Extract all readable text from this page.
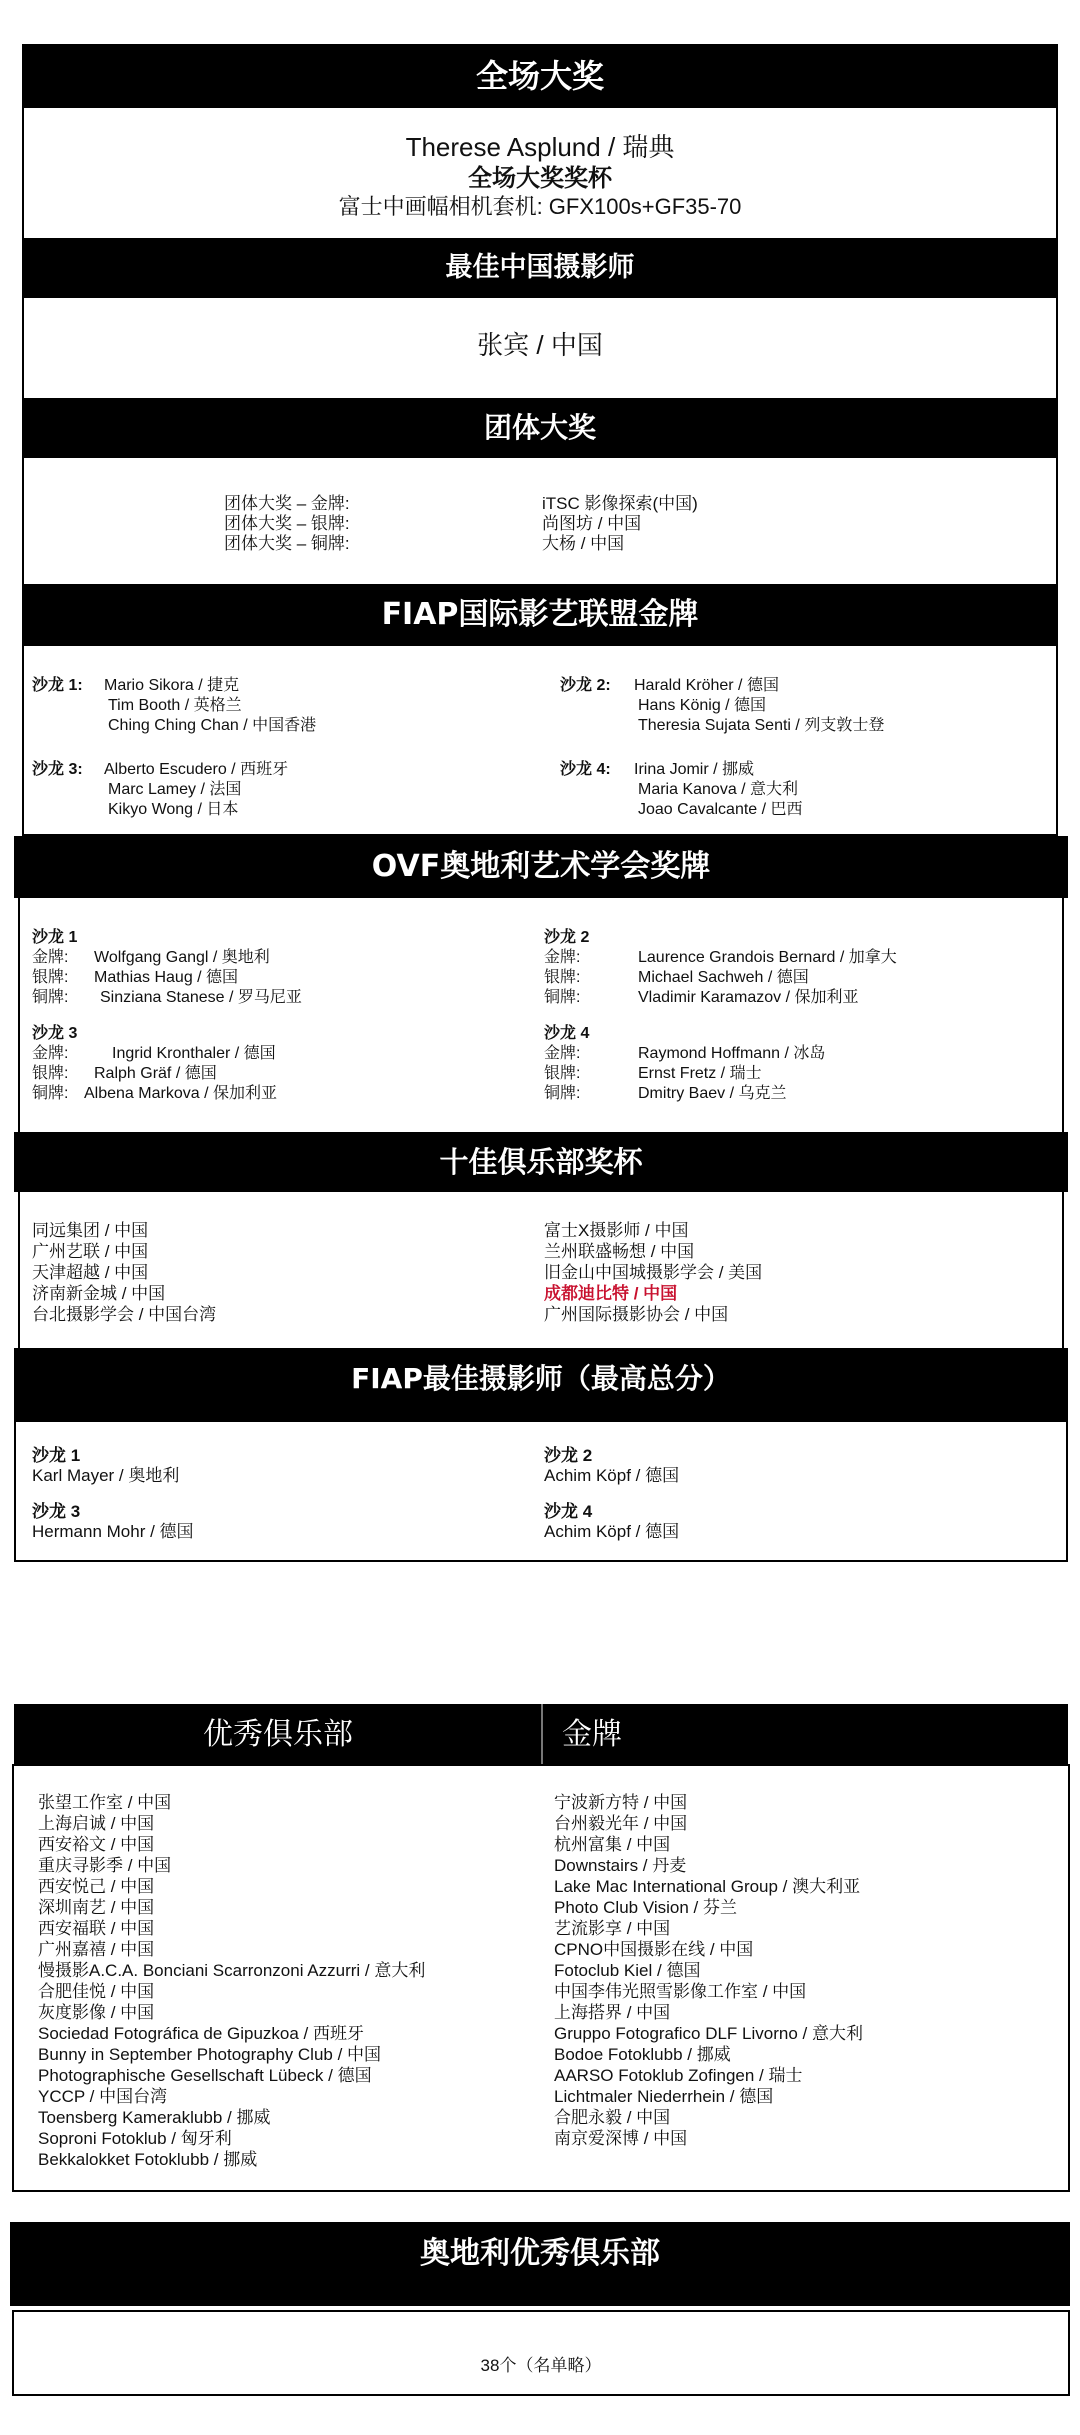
全场大奖
Therese Asplund / 瑞典
全场大奖奖杯
富士中画幅相机套机: GFX100s+GF35-70
最佳中国摄影师
张宾 / 中国
团体大奖
团体大奖 – 金牌:
团体大奖 – 银牌:
团体大奖 – 铜牌:
iTSC 影像探索(中国)
尚图坊 / 中国
大杨 / 中国
FIAP国际影艺联盟金牌
沙龙 1: Mario Sikora / 捷克
Tim Booth / 英格兰
Ching Ching Chan / 中国香港
沙龙 2: Harald Kröher / 德国
Hans König / 德国
Theresia Sujata Senti / 列支敦士登
沙龙 3: Alberto Escudero / 西班牙
Marc Lamey / 法国
Kikyo Wong / 日本
沙龙 4: Irina Jomir / 挪威
Maria Kanova / 意大利
Joao Cavalcante / 巴西
OVF奥地利艺术学会奖牌
沙龙 1
金牌:
银牌:
铜牌:
Wolfgang Gangl / 奥地利
Mathias Haug / 德国
Sinziana Stanese / 罗马尼亚
沙龙 2
金牌:
银牌:
铜牌:
Laurence Grandois Bernard / 加拿大
Michael Sachweh / 德国
Vladimir Karamazov / 保加利亚
沙龙 3
金牌:
银牌:
铜牌:
Ingrid Kronthaler / 德国
Ralph Gräf / 德国
Albena Markova / 保加利亚
沙龙 4
金牌:
银牌:
铜牌:
Raymond Hoffmann / 冰岛
Ernst Fretz / 瑞士
Dmitry Baev / 乌克兰
十佳俱乐部奖杯
同远集团 / 中国
广州艺联 / 中国
天津超越 / 中国
济南新金城 / 中国
台北摄影学会 / 中国台湾
富士X摄影师 / 中国
兰州联盛畅想 / 中国
旧金山中国城摄影学会 / 美国
成都迪比特 / 中国
广州国际摄影协会 / 中国
FIAP最佳摄影师（最高总分）
沙龙 1
Karl Mayer / 奥地利
沙龙 2
Achim Köpf / 德国
沙龙 3
Hermann Mohr / 德国
沙龙 4
Achim Köpf / 德国
优秀俱乐部	金牌
张望工作室 / 中国
上海启诚 / 中国
西安裕文 / 中国
重庆寻影季 / 中国
西安悦己 / 中国
深圳南艺 / 中国
西安福联 / 中国
广州嘉禧 / 中国
慢摄影A.C.A. Bonciani Scarronzoni Azzurri / 意大利
合肥佳悦 / 中国
灰度影像 / 中国
Sociedad Fotográfica de Gipuzkoa / 西班牙
Bunny in September Photography Club / 中国
Photographische Gesellschaft Lübeck / 德国
YCCP / 中国台湾
Toensberg Kameraklubb / 挪威
Soproni Fotoklub / 匈牙利
Bekkalokket Fotoklubb / 挪威
宁波新方特 / 中国
台州毅光年 / 中国
杭州富集 / 中国
Downstairs / 丹麦
Lake Mac International Group / 澳大利亚
Photo Club Vision / 芬兰
艺流影享 / 中国
CPNO中国摄影在线 / 中国
Fotoclub Kiel / 德国
中国李伟光照雪影像工作室 / 中国
上海搭界 / 中国
Gruppo Fotografico DLF Livorno / 意大利
Bodoe Fotoklubb / 挪威
AARSO Fotoklub Zofingen / 瑞士
Lichtmaler Niederrhein / 德国
合肥永毅 / 中国
南京爱深博 / 中国
奥地利优秀俱乐部
38个（名单略）
